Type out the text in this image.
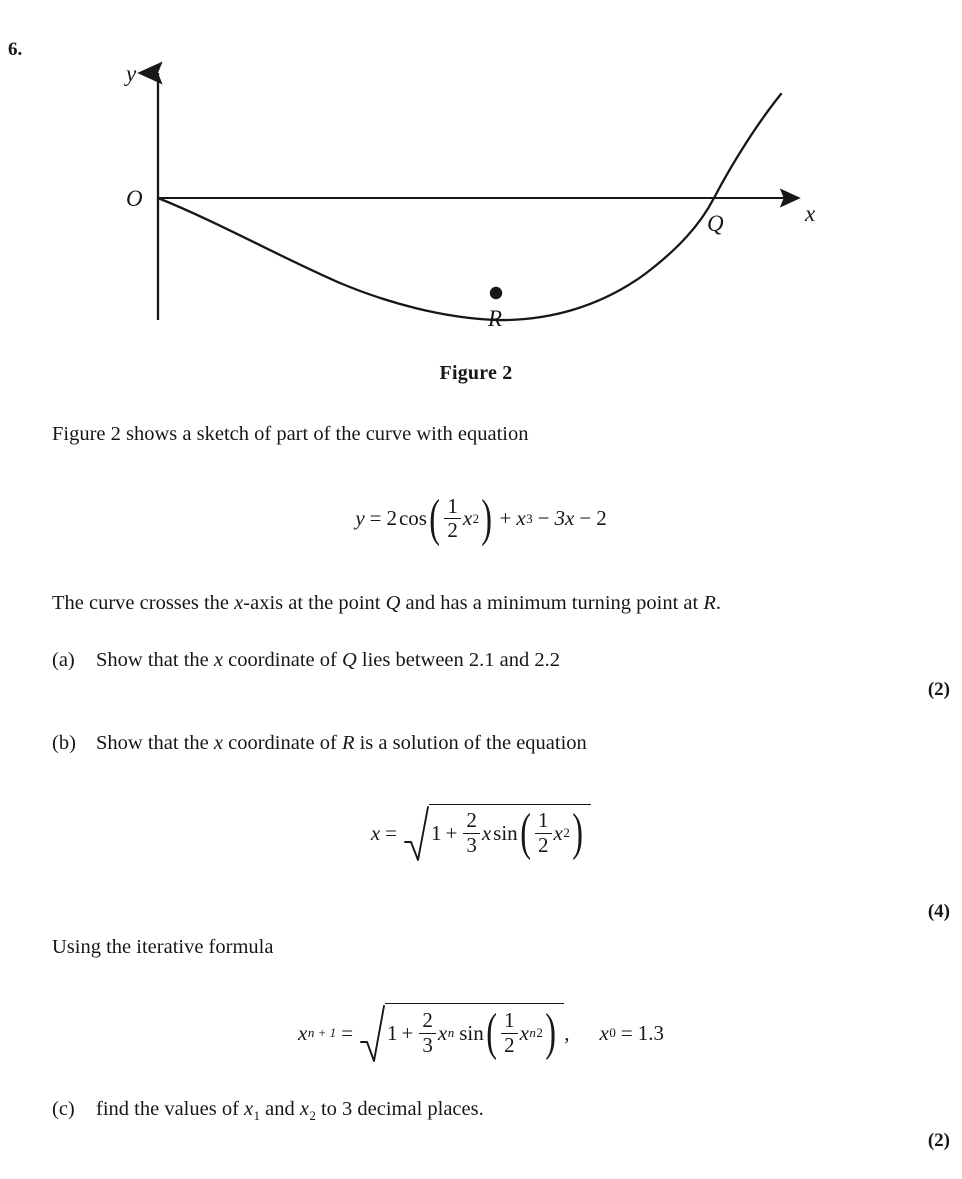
6.
y
x
O
Q
R
Figure 2
Figure 2 shows a sketch of part of the curve with equation
y = 2 cos ( $\frac{1}{2}$ x 2 ) + x 3 − 3x − 2
The curve crosses the x-axis at the point Q and has a minimum turning point at R.
(a) Show that the x coordinate of Q lies between 2.1 and 2.2
(2)
(b) Show that the x coordinate of R is a solution of the equation
$x = 1 + \frac{2}{3}$ x sin ( $\frac{1}{2}$ x 2 )
(4)
Using the iterative formula
x $n + 1 = 1 + \frac{2}{3}$ x n sin ( $\frac{1}{2}$ x n 2 ) , x 0 = 1.3
(c) find the values of $x_1$ and $x_2$ to 3 decimal places.
(2)
